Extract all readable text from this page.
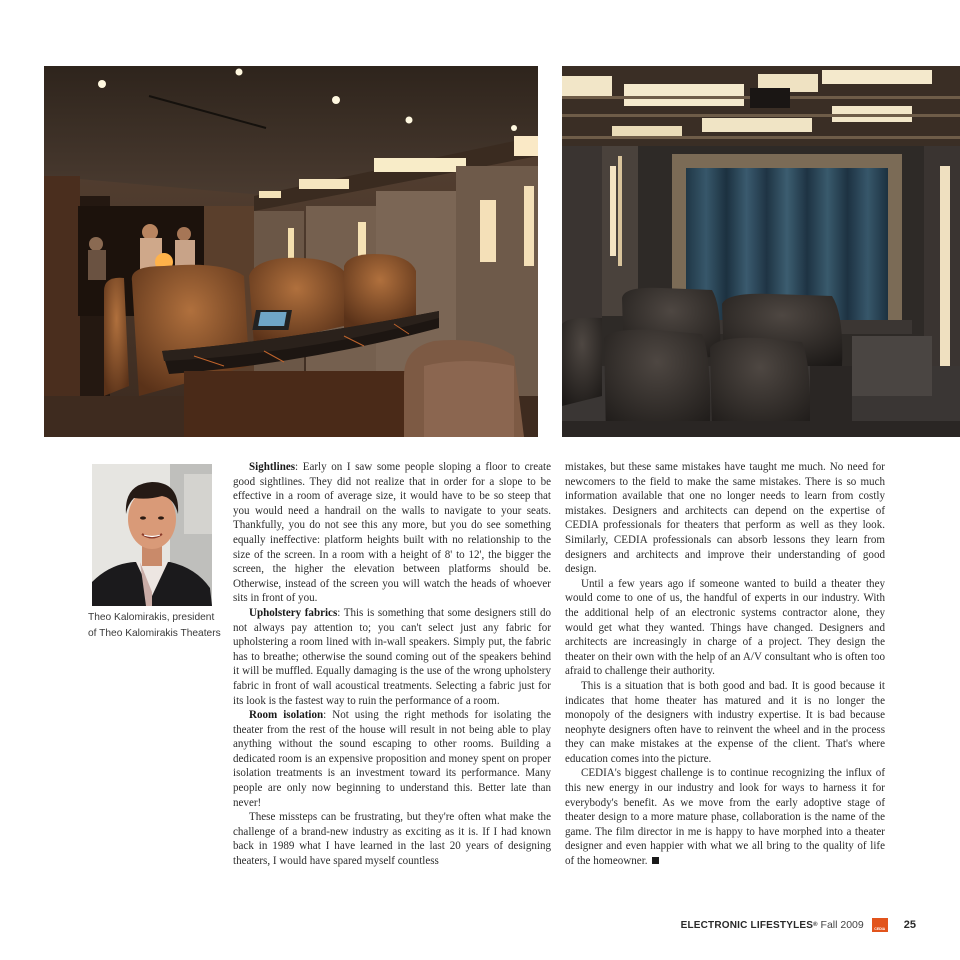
Theo Kalomirakis, president
of Theo Kalomirakis Theaters

Sightlines: Early on I saw some people sloping a floor to create good sightlines. They did not realize that in order for a slope to be effective in a room of average size, it would have to be so steep that you would need a handrail on the walls to navigate to your seats. Thankfully, you do not see this any more, but you do see something equally ineffective: platform heights built with no relationship to the size of the screen. In a room with a height of 8' to 12', the bigger the screen, the higher the elevation between platforms should be. Otherwise, instead of the screen you will watch the heads of whoever sits in front of you.

Upholstery fabrics: This is something that some designers still do not always pay attention to; you can't select just any fabric for upholstering a room lined with in-wall speakers. Simply put, the fabric has to breathe; otherwise the sound coming out of the speakers behind it will be muffled. Equally damaging is the use of the wrong upholstery fabric in front of wall acoustical treatments. Selecting a fabric just for its look is the fastest way to ruin the performance of a room.

Room isolation: Not using the right methods for isolating the theater from the rest of the house will result in not being able to play anything without the sound escaping to other rooms. Building a dedicated room is an expensive proposition and money spent on proper isolation treatments is an investment toward its performance. Many people are only now beginning to understand this. Better late than never!

These missteps can be frustrating, but they're often what make the challenge of a brand-new industry as exciting as it is. If I had known back in 1989 what I have learned in the last 20 years of designing theaters, I would have spared myself countless

mistakes, but these same mistakes have taught me much. No need for newcomers to the field to make the same mistakes. There is so much information available that one no longer needs to learn from costly mistakes. Designers and architects can depend on the expertise of CEDIA professionals for theaters that perform as well as they look. Similarly, CEDIA professionals can absorb lessons they learn from designers and architects and improve their understanding of good design.

Until a few years ago if someone wanted to build a theater they would come to one of us, the handful of experts in our industry. With the additional help of an electronic systems contractor alone, they would get what they wanted. Things have changed. Designers and architects are increasingly in charge of a project. They design the theater on their own with the help of an A/V consultant who is often too afraid to challenge their authority.

This is a situation that is both good and bad. It is good because it indicates that home theater has matured and it is no longer the monopoly of the designers with industry expertise. It is bad because neophyte designers often have to reinvent the wheel and in the process they can make mistakes at the expense of the client. That's where education comes into the picture.

CEDIA's biggest challenge is to continue recognizing the influx of this new energy in our industry and look for ways to harness it for everybody's benefit. As we move from the early adoptive stage of theater design to a more mature phase, collaboration is the name of the game. The film director in me is happy to have morphed into a theater designer and even happier with what we all bring to the quality of life of the homeowner.

ELECTRONIC LIFESTYLES ® Fall 2009	CEDIA 25
